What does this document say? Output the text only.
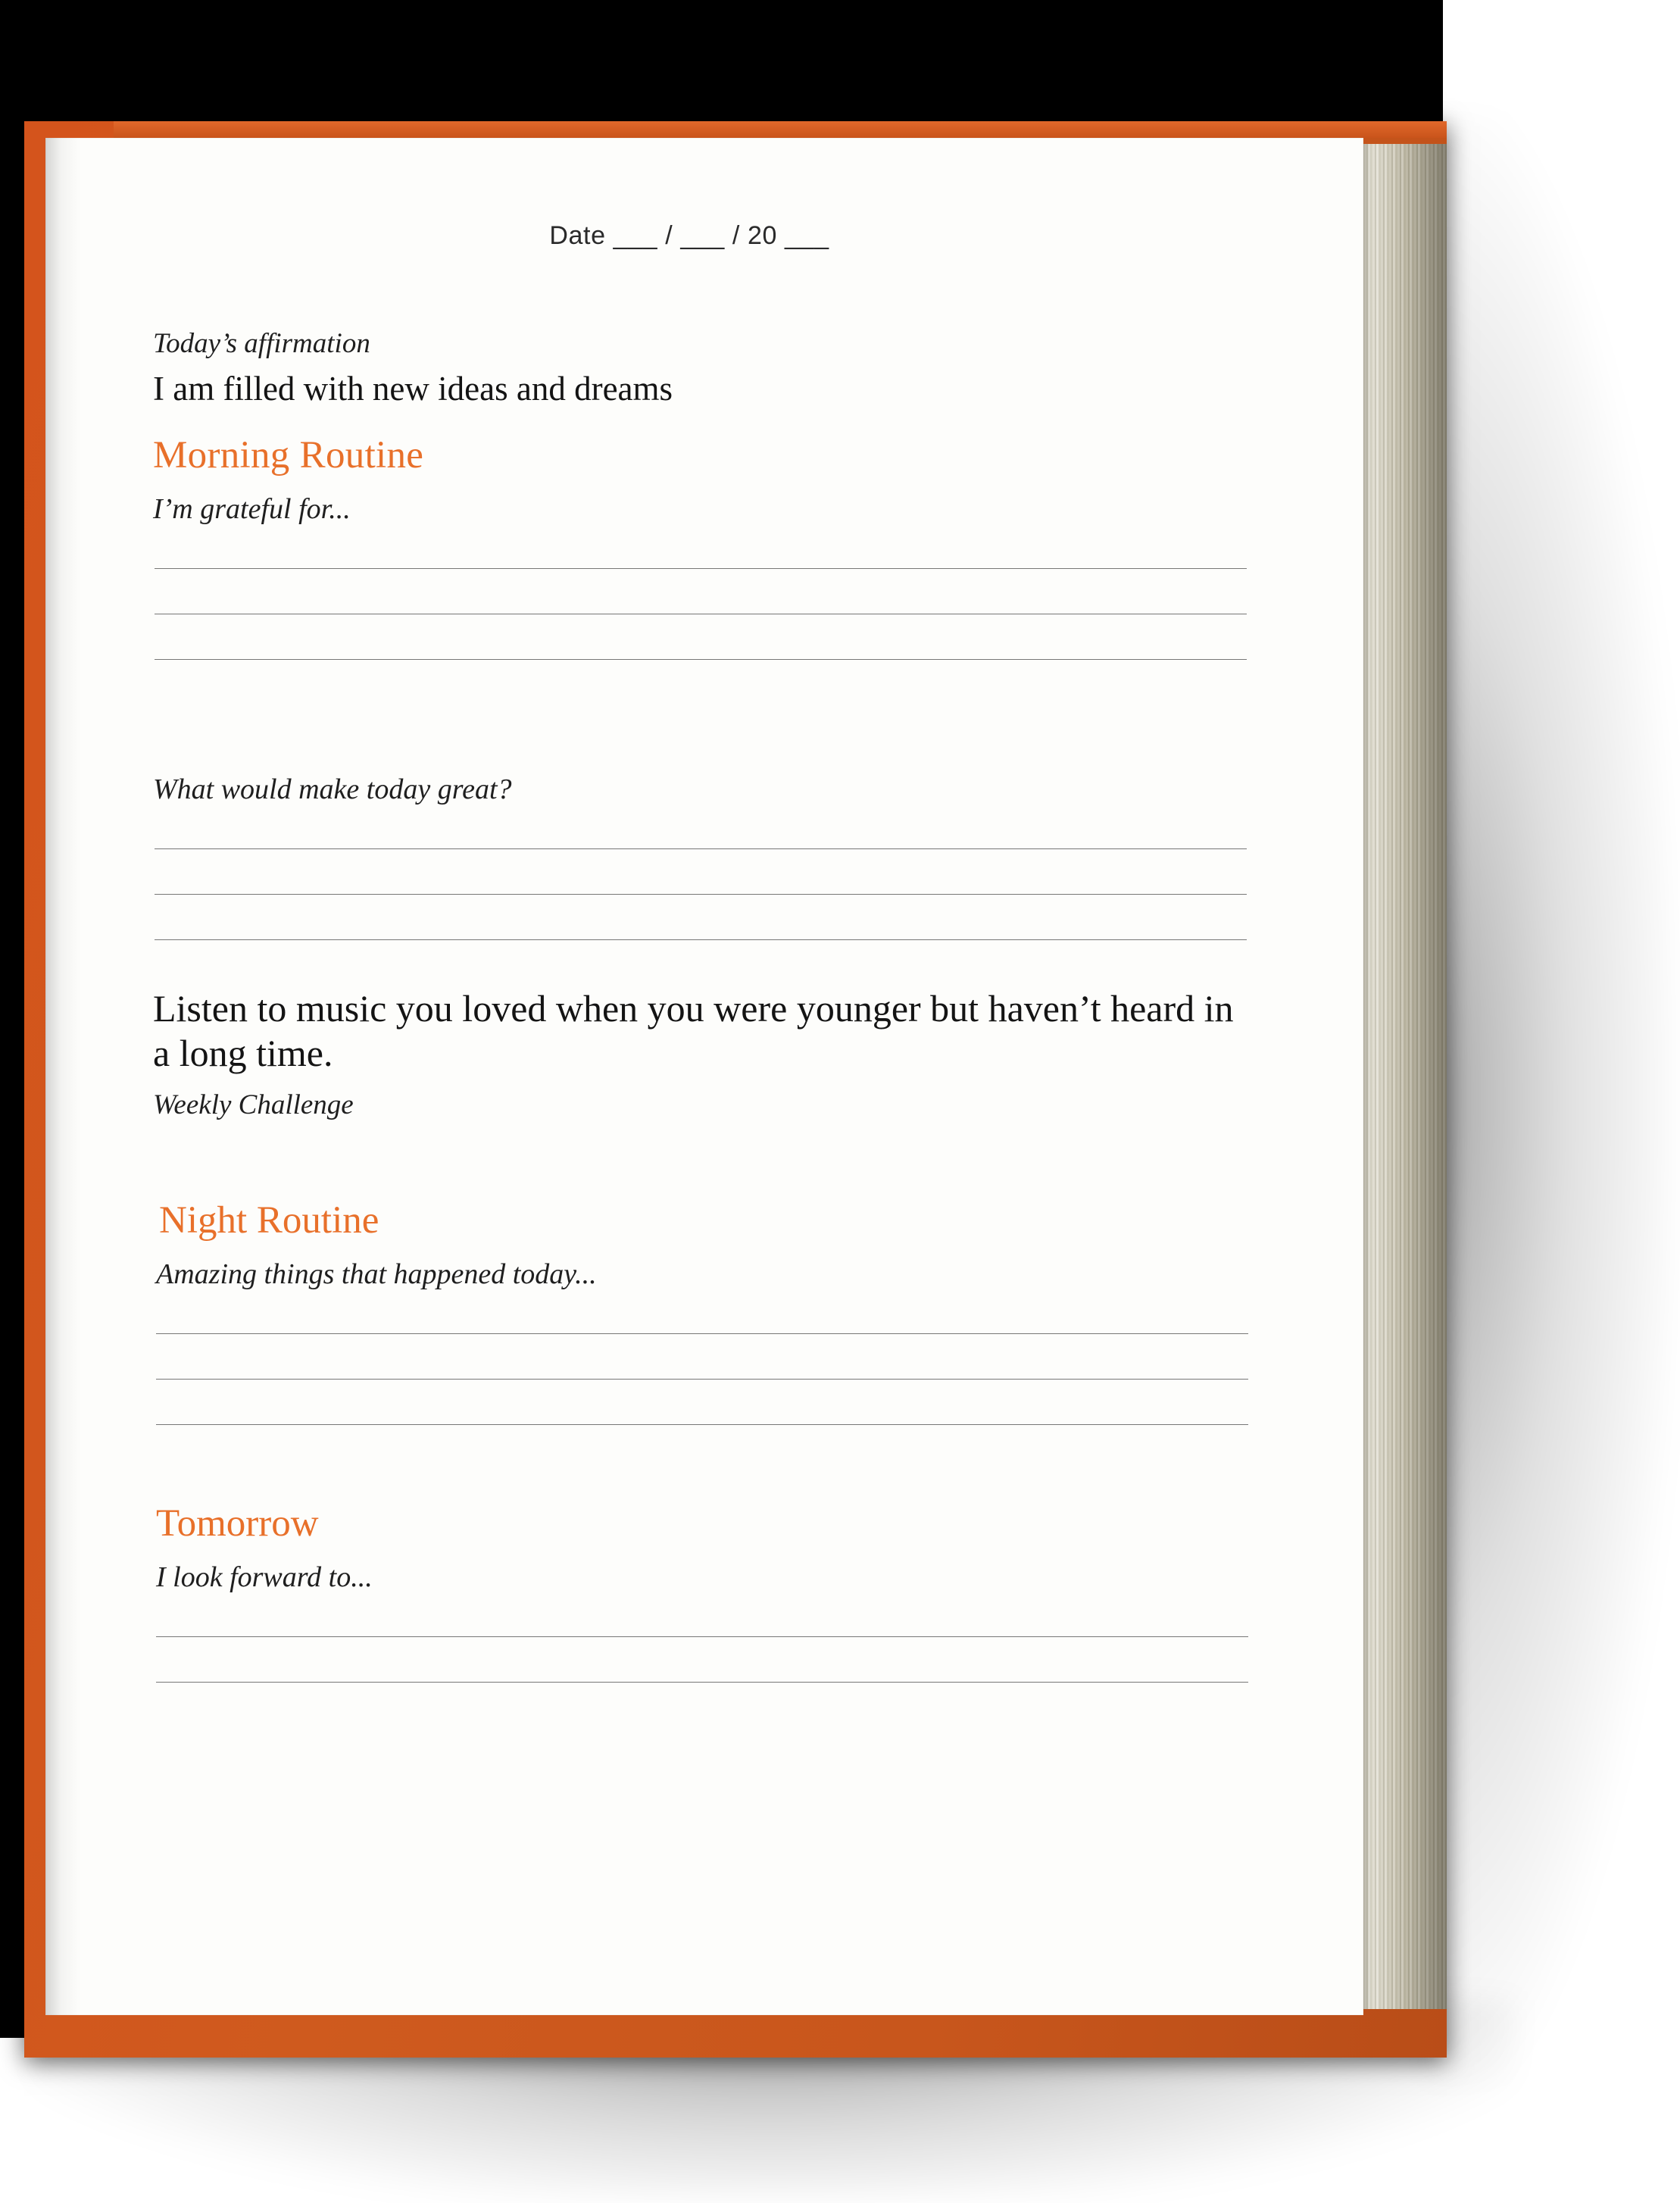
Date ___ / ___ / 20 ___
Today’s affirmation
I am filled with new ideas and dreams
Morning Routine
I’m grateful for...
What would make today great?
Listen to music you loved when you were younger but haven’t heard in a long time.
Weekly Challenge
Night Routine
Amazing things that happened today...
Tomorrow
I look forward to...
